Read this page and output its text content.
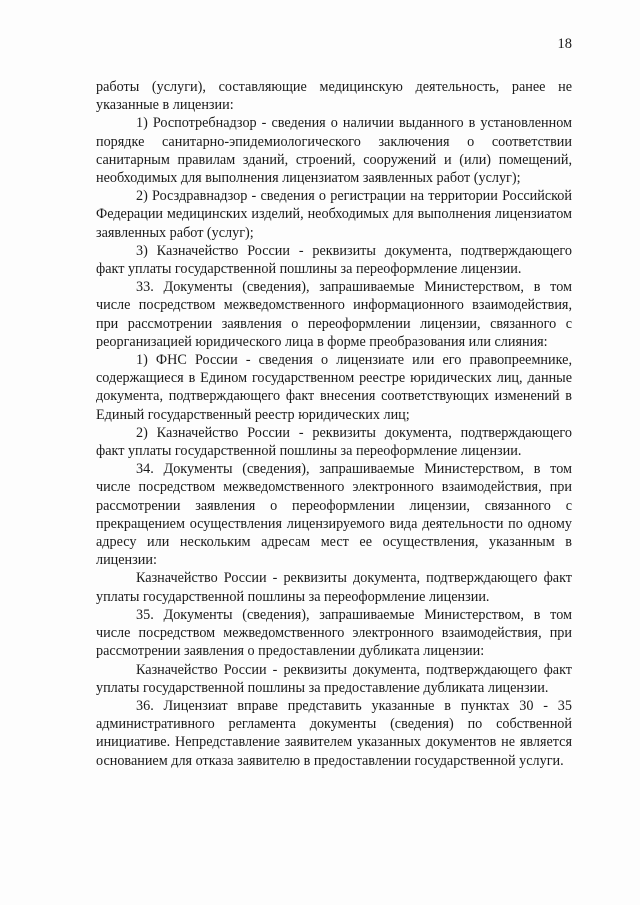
18

работы (услуги), составляющие медицинскую деятельность, ранее не указанные в лицензии:

1) Роспотребнадзор - сведения о наличии выданного в установленном порядке санитарно-эпидемиологического заключения о соответствии санитарным правилам зданий, строений, сооружений и (или) помещений, необходимых для выполнения лицензиатом заявленных работ (услуг);

2) Росздравнадзор - сведения о регистрации на территории Российской Федерации медицинских изделий, необходимых для выполнения лицензиатом заявленных работ (услуг);

3) Казначейство России - реквизиты документа, подтверждающего факт уплаты государственной пошлины за переоформление лицензии.

33. Документы (сведения), запрашиваемые Министерством, в том числе посредством межведомственного информационного взаимодействия, при рассмотрении заявления о переоформлении лицензии, связанного с реорганизацией юридического лица в форме преобразования или слияния:

1) ФНС России - сведения о лицензиате или его правопреемнике, содержащиеся в Едином государственном реестре юридических лиц, данные документа, подтверждающего факт внесения соответствующих изменений в Единый государственный реестр юридических лиц;

2) Казначейство России - реквизиты документа, подтверждающего факт уплаты государственной пошлины за переоформление лицензии.

34. Документы (сведения), запрашиваемые Министерством, в том числе посредством межведомственного электронного взаимодействия, при рассмотрении заявления о переоформлении лицензии, связанного с прекращением осуществления лицензируемого вида деятельности по одному адресу или нескольким адресам мест ее осуществления, указанным в лицензии:

Казначейство России - реквизиты документа, подтверждающего факт уплаты государственной пошлины за переоформление лицензии.

35. Документы (сведения), запрашиваемые Министерством, в том числе посредством межведомственного электронного взаимодействия, при рассмотрении заявления о предоставлении дубликата лицензии:

Казначейство России - реквизиты документа, подтверждающего факт уплаты государственной пошлины за предоставление дубликата лицензии.

36. Лицензиат вправе представить указанные в пунктах 30 - 35 административного регламента документы (сведения) по собственной инициативе. Непредставление заявителем указанных документов не является основанием для отказа заявителю в предоставлении государственной услуги.
